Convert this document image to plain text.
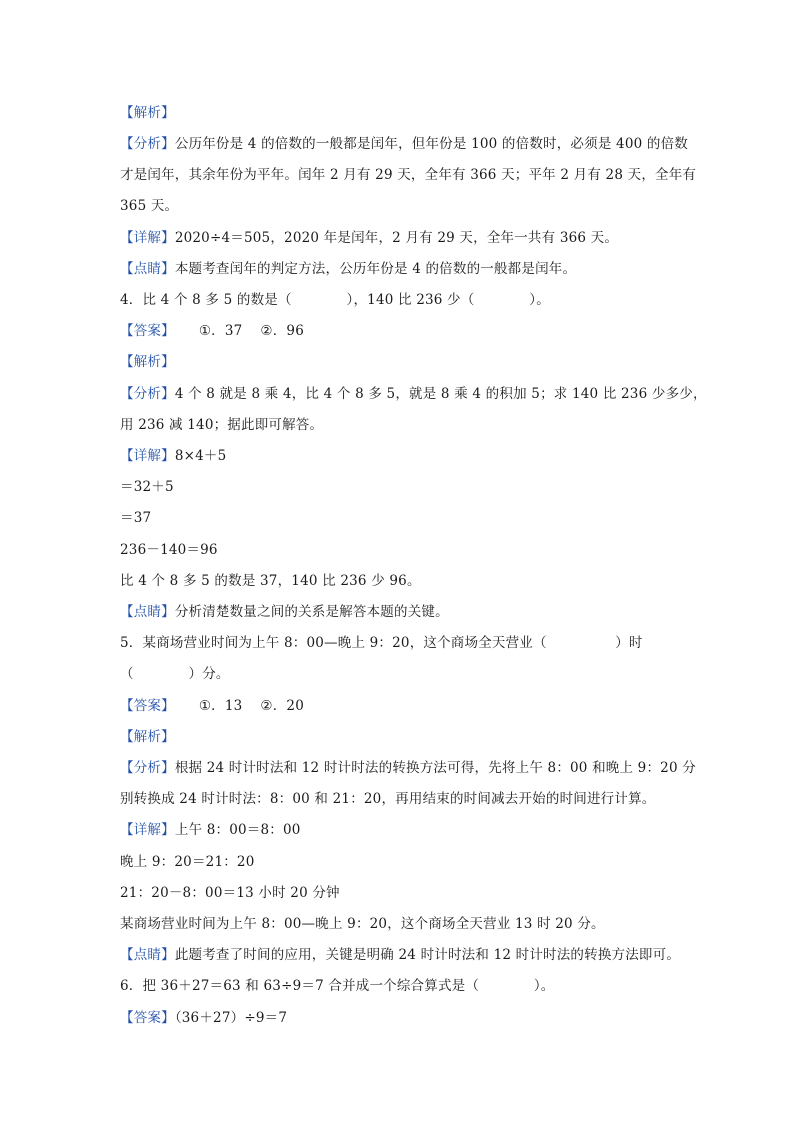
【解析】
【分析】公历年份是 4 的倍数的一般都是闰年，但年份是 100 的倍数时，必须是 400 的倍数
才是闰年，其余年份为平年。闰年 2 月有 29 天，全年有 366 天；平年 2 月有 28 天，全年有
365 天。
【详解】2020÷4＝505，2020 年是闰年，2 月有 29 天，全年一共有 366 天。
【点睛】本题考查闰年的判定方法，公历年份是 4 的倍数的一般都是闰年。
4．比 4 个 8 多 5 的数是（　　　　），140 比 236 少（　　　　）。
【答案】 ①．37 ②．96
【解析】
【分析】4 个 8 就是 8 乘 4，比 4 个 8 多 5，就是 8 乘 4 的积加 5；求 140 比 236 少多少，
用 236 减 140；据此即可解答。
【详解】8×4＋5
＝32＋5
＝37
236－140＝96
比 4 个 8 多 5 的数是 37，140 比 236 少 96。
【点睛】分析清楚数量之间的关系是解答本题的关键。
5．某商场营业时间为上午 8：00—晚上 9：20，这个商场全天营业（　　　　　）时
（　　　　）分。
【答案】 ①．13 ②．20
【解析】
【分析】根据 24 时计时法和 12 时计时法的转换方法可得，先将上午 8：00 和晚上 9：20 分
别转换成 24 时计时法：8：00 和 21：20，再用结束的时间减去开始的时间进行计算。
【详解】上午 8：00＝8：00
晚上 9：20＝21：20
21：20－8：00＝13 小时 20 分钟
某商场营业时间为上午 8：00—晚上 9：20，这个商场全天营业 13 时 20 分。
【点睛】此题考查了时间的应用，关键是明确 24 时计时法和 12 时计时法的转换方法即可。
6．把 36＋27＝63 和 63÷9＝7 合并成一个综合算式是（　　　　）。
【答案】（36＋27）÷9＝7
